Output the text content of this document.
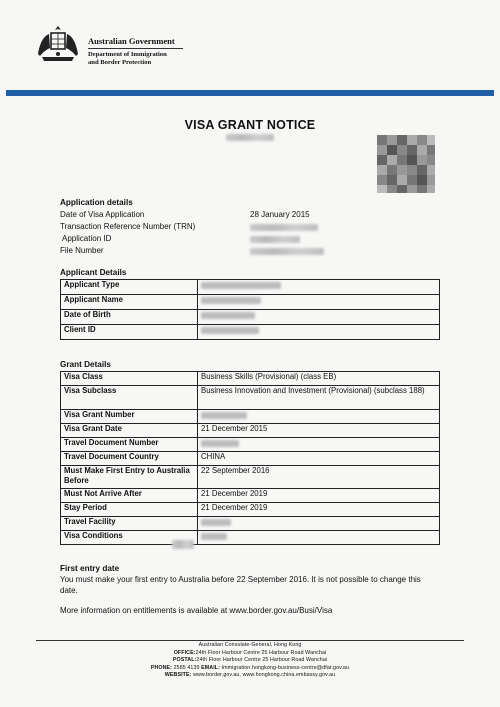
Australian Government
Department of Immigration
and Border Protection
VISA GRANT NOTICE
Application details
Date of Visa Application	28 January 2015
Transaction Reference Number (TRN)
Application ID
File Number
Applicant Details
Applicant Type	
Applicant Name	
Date of Birth	
Client ID	
Grant Details
Visa Class	Business Skills (Provisional) (class EB)
Visa Subclass	Business Innovation and Investment (Provisional) (subclass 188)
Visa Grant Number	
Visa Grant Date	21 December 2015
Travel Document Number	
Travel Document Country	CHINA
Must Make First Entry to Australia Before	22 September 2016
Must Not Arrive After	21 December 2019
Stay Period	21 December 2019
Travel Facility	
Visa Conditions	
First entry date
You must make your first entry to Australia before 22 September 2016. It is not possible to change this date.
More information on entitlements is available at www.border.gov.au/Busi/Visa
Australian Consulate-General, Hong Kong
OFFICE:24th Floor Harbour Centre 25 Harbour Road Wanchai
POSTAL:24th Floor Harbour Centre 25 Harbour Road Wanchai
PHONE: 2585 4139 EMAIL: Immigration.hongkong-business-centre@dfat.gov.au
WEBSITE: www.border.gov.au, www.hongkong.china.embassy.gov.au
